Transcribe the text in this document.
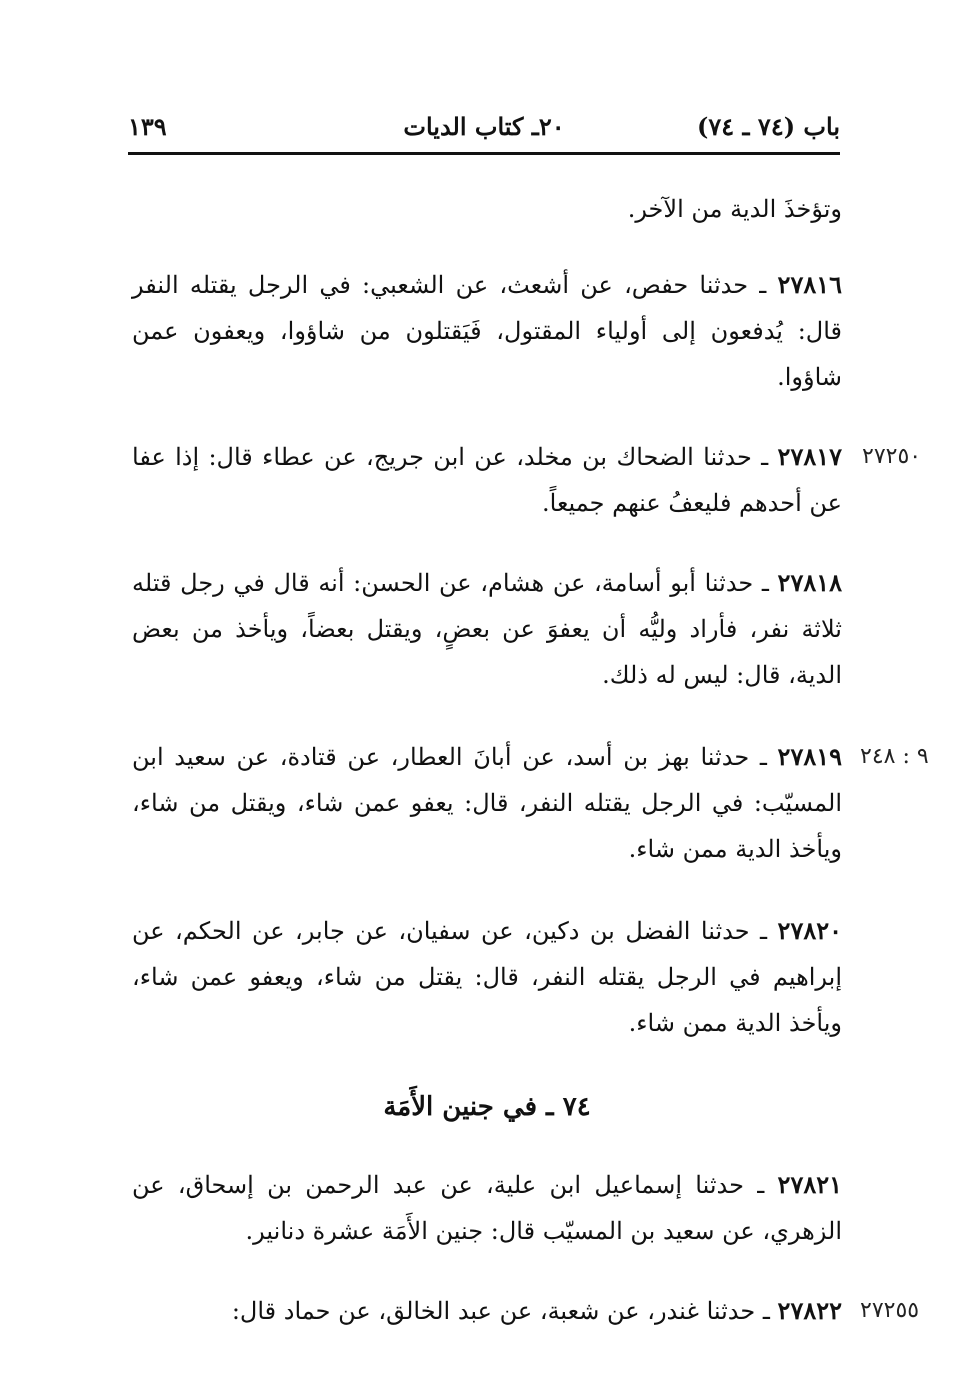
باب (٧٤ ـ ٧٤)
٢٠ـ كتاب الديات
١٣٩
وتؤخذَ الدية من الآخر.
٢٧٨١٦ ـ حدثنا حفص، عن أشعث، عن الشعبي: في الرجل يقتله النفر قال: يُدفعون إلى أولياء المقتول، فَيَقتلون من شاؤوا، ويعفون عمن شاؤوا.
٢٧٢٥٠
٢٧٨١٧ ـ حدثنا الضحاك بن مخلد، عن ابن جريج، عن عطاء قال: إذا عفا عن أحدهم فليعفُ عنهم جميعاً.
٢٧٨١٨ ـ حدثنا أبو أسامة، عن هشام، عن الحسن: أنه قال في رجل قتله ثلاثة نفر، فأراد وليُّه أن يعفوَ عن بعضٍ، ويقتل بعضاً، ويأخذ من بعض الدية، قال: ليس له ذلك.
٩ : ٢٤٨
٢٧٨١٩ ـ حدثنا بهز بن أسد، عن أبانَ العطار، عن قتادة، عن سعيد ابن المسيّب: في الرجل يقتله النفر، قال: يعفو عمن شاء، ويقتل من شاء، ويأخذ الدية ممن شاء.
٢٧٨٢٠ ـ حدثنا الفضل بن دكين، عن سفيان، عن جابر، عن الحكم، عن إبراهيم في الرجل يقتله النفر، قال: يقتل من شاء، ويعفو عمن شاء، ويأخذ الدية ممن شاء.
٧٤ ـ في جنين الأَمَة
٢٧٨٢١ ـ حدثنا إسماعيل ابن علية، عن عبد الرحمن بن إسحاق، عن الزهري، عن سعيد بن المسيّب قال: جنين الأَمَة عشرة دنانير.
٢٧٢٥٥
٢٧٨٢٢ ـ حدثنا غندر، عن شعبة، عن عبد الخالق، عن حماد قال:
